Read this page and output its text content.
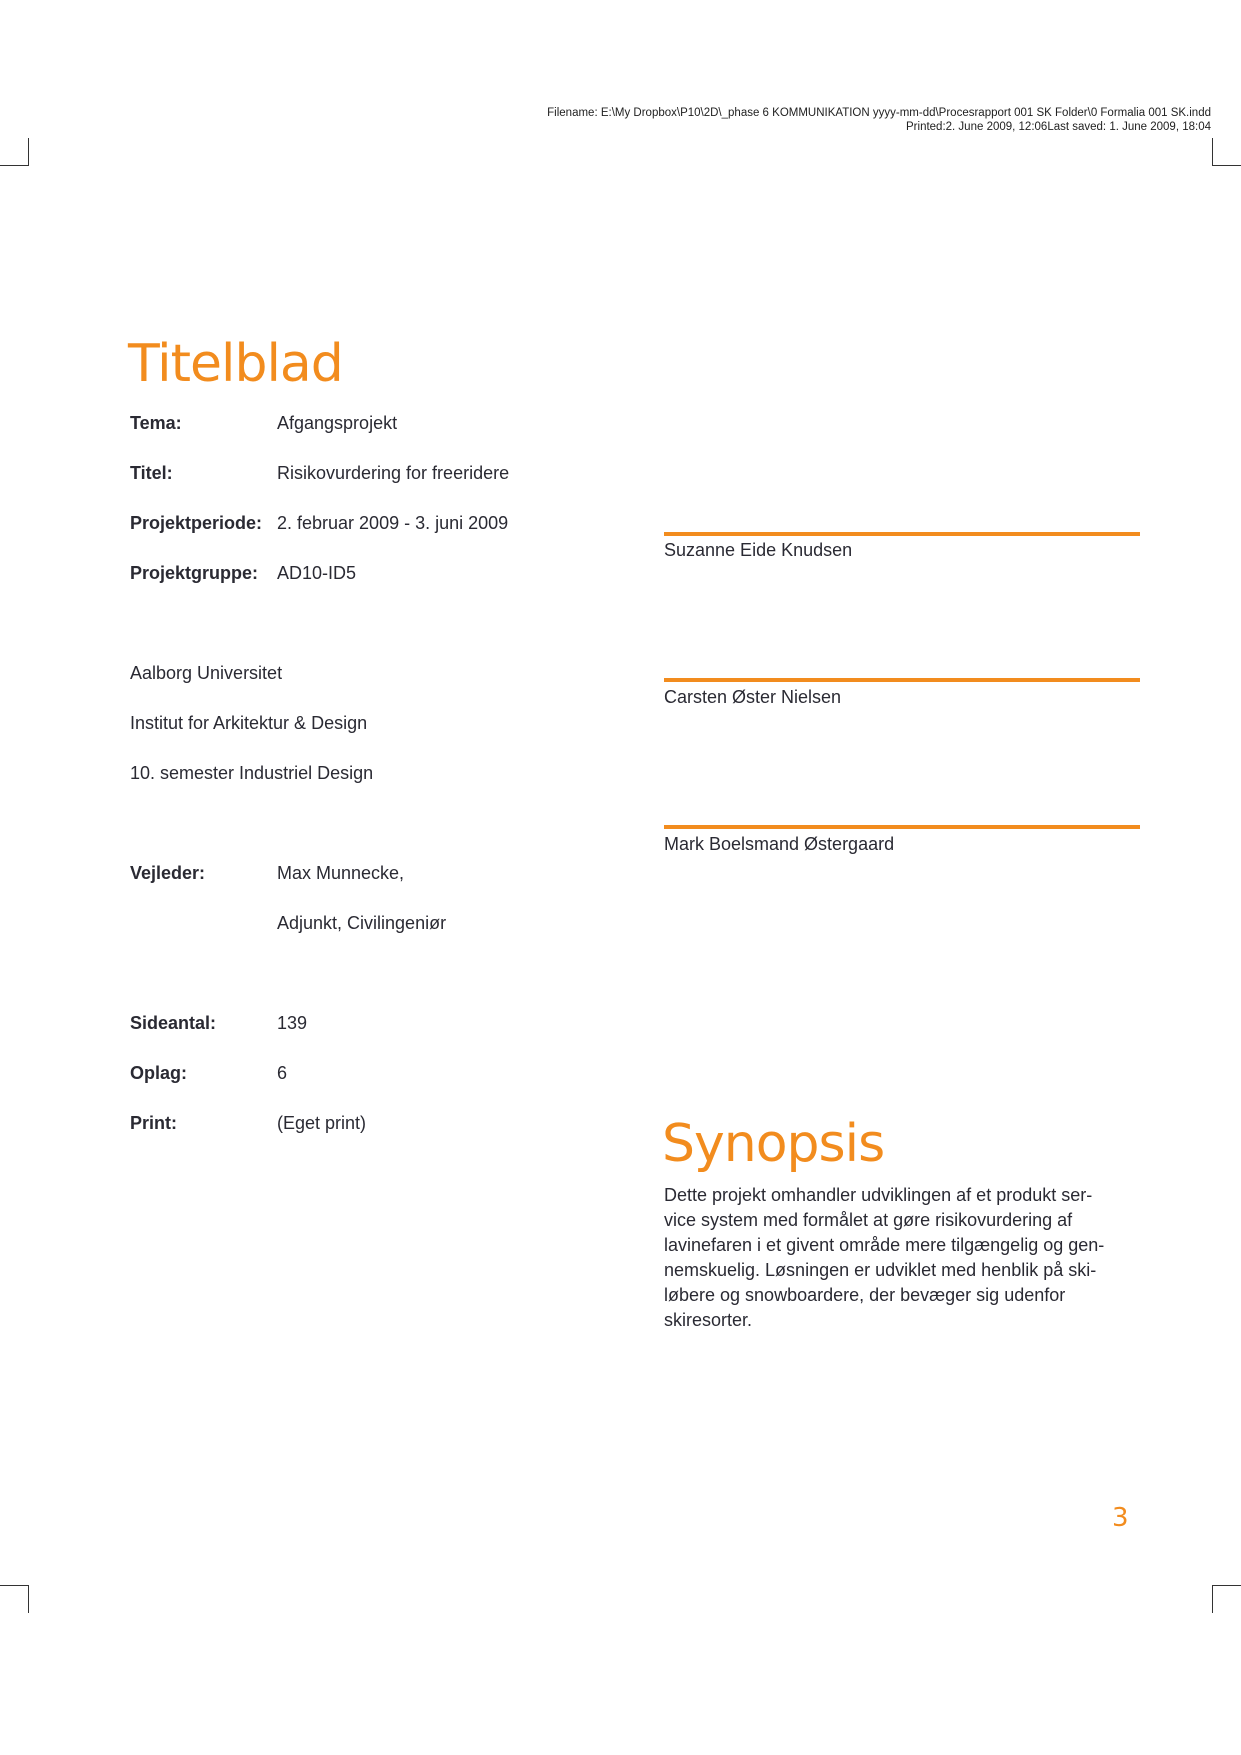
Filename: E:\My Dropbox\P10\2D\_phase 6 KOMMUNIKATION yyyy-mm-dd\Procesrapport 001 SK Folder\0 Formalia 001 SK.indd
Printed:2. June 2009, 12:06Last saved: 1. June 2009, 18:04
Titelblad
Tema:	Afgangsprojekt
Titel:	Risikovurdering for freeridere
Projektperiode: 2. februar 2009 - 3. juni 2009
Projektgruppe: AD10-ID5
Aalborg Universitet
Institut for Arkitektur & Design
10. semester Industriel Design
Vejleder:	Max Munnecke,
Adjunkt, Civilingeniør
Sideantal:	139
Oplag:	6
Print:	(Eget print)
Suzanne Eide Knudsen
Carsten Øster Nielsen
Mark Boelsmand Østergaard
Synopsis

Dette projekt omhandler udviklingen af et produkt ser-
vice system med formålet at gøre risikovurdering af
lavinefaren i et givent område mere tilgængelig og gen-
nemskuelig. Løsningen er udviklet med henblik på ski-
løbere og snowboardere, der bevæger sig udenfor
skiresorter.

3
